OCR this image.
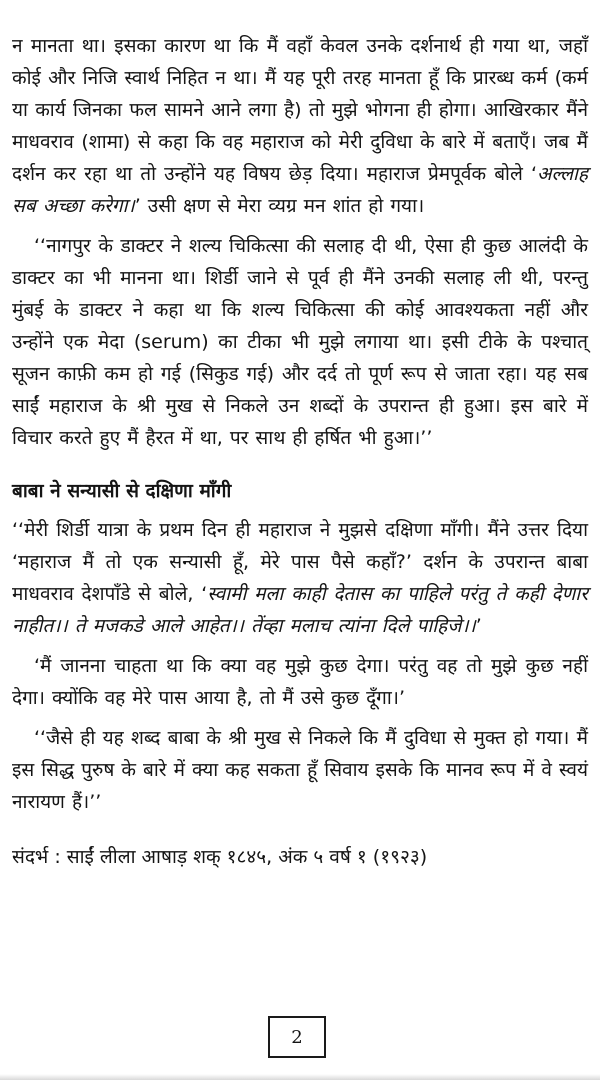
न मानता था। इसका कारण था कि मैं वहाँ केवल उनके दर्शनार्थ ही गया था, जहाँ कोई और निजि स्वार्थ निहित न था। मैं यह पूरी तरह मानता हूँ कि प्रारब्ध कर्म (कर्म या कार्य जिनका फल सामने आने लगा है) तो मुझे भोगना ही होगा। आखिरकार मैंने माधवराव (शामा) से कहा कि वह महाराज को मेरी दुविधा के बारे में बताएँ। जब मैं दर्शन कर रहा था तो उन्होंने यह विषय छेड़ दिया। महाराज प्रेमपूर्वक बोले ‘अल्लाह सब अच्छा करेगा।’ उसी क्षण से मेरा व्यग्र मन शांत हो गया।

‘‘नागपुर के डाक्टर ने शल्य चिकित्सा की सलाह दी थी, ऐसा ही कुछ आलंदी के डाक्टर का भी मानना था। शिर्डी जाने से पूर्व ही मैंने उनकी सलाह ली थी, परन्तु मुंबई के डाक्टर ने कहा था कि शल्य चिकित्सा की कोई आवश्यकता नहीं और उन्होंने एक मेदा (serum) का टीका भी मुझे लगाया था। इसी टीके के पश्चात् सूजन काफ़ी कम हो गई (सिकुड गई) और दर्द तो पूर्ण रूप से जाता रहा। यह सब साईं महाराज के श्री मुख से निकले उन शब्दों के उपरान्त ही हुआ। इस बारे में विचार करते हुए मैं हैरत में था, पर साथ ही हर्षित भी हुआ।’’

बाबा ने सन्यासी से दक्षिणा माँगी

‘‘मेरी शिर्डी यात्रा के प्रथम दिन ही महाराज ने मुझसे दक्षिणा माँगी। मैंने उत्तर दिया ‘महाराज मैं तो एक सन्यासी हूँ, मेरे पास पैसे कहाँ?’ दर्शन के उपरान्त बाबा माधवराव देशपाँडे से बोले, ‘स्वामी मला काही देतास का पाहिले परंतु ते कही देणार नाहीत।। ते मजकडे आले आहेत।। तेंव्हा मलाच त्यांना दिले पाहिजे।।’

‘मैं जानना चाहता था कि क्या वह मुझे कुछ देगा। परंतु वह तो मुझे कुछ नहीं देगा। क्योंकि वह मेरे पास आया है, तो मैं उसे कुछ दूँगा।’

‘‘जैसे ही यह शब्द बाबा के श्री मुख से निकले कि मैं दुविधा से मुक्त हो गया। मैं इस सिद्ध पुरुष के बारे में क्या कह सकता हूँ सिवाय इसके कि मानव रूप में वे स्वयं नारायण हैं।’’

संदर्भ : साईं लीला आषाड़ शक् १८४५, अंक ५ वर्ष १ (१९२३)
2
